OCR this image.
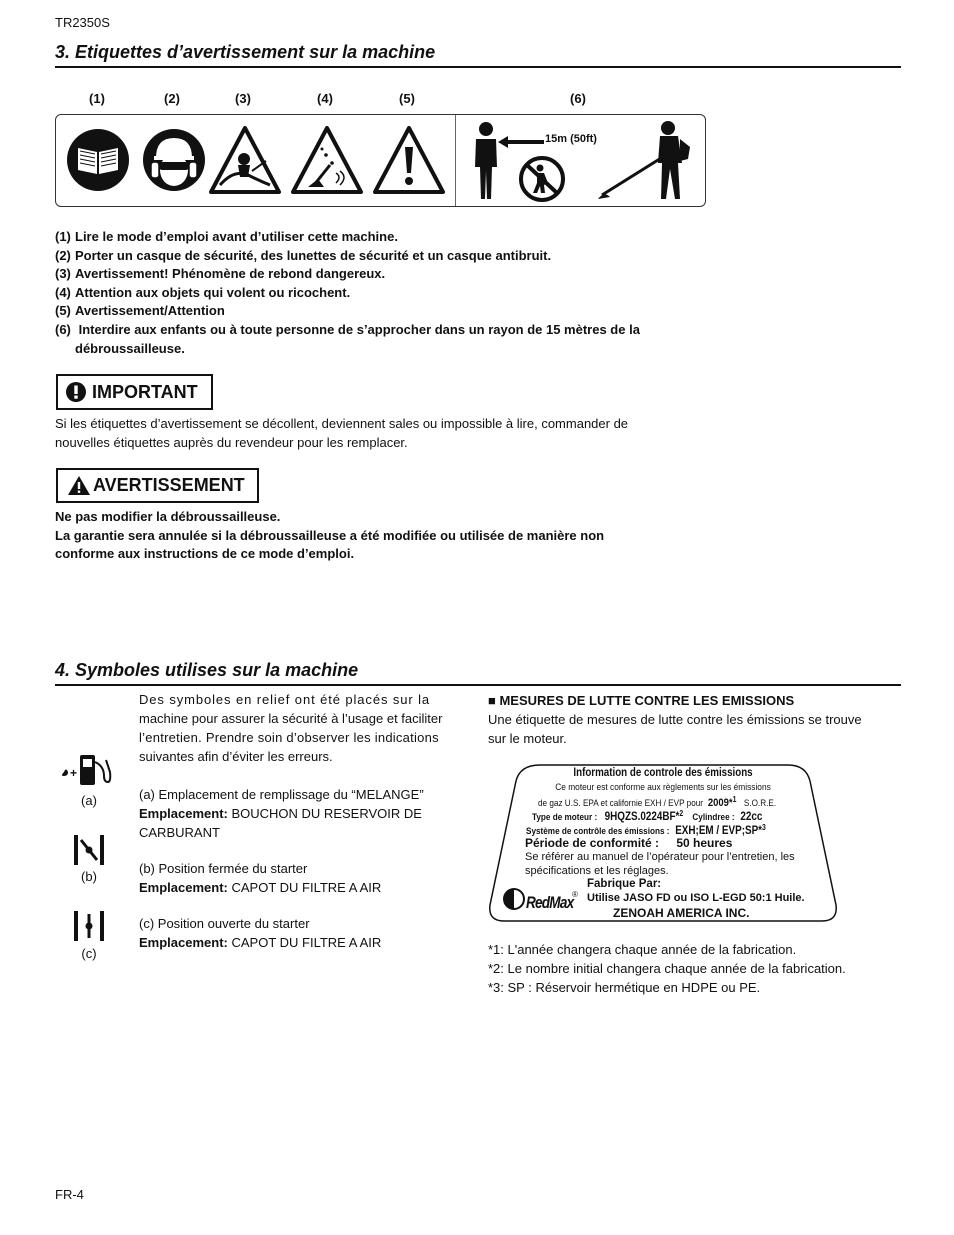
TR2350S
3. Etiquettes d’avertissement sur la machine
(1)	(2)	(3)	(4)	(5)	(6)
15m (50ft)
(1) Lire le mode d’emploi avant d’utiliser cette machine.
(2) Porter un casque de sécurité, des lunettes de sécurité et un casque antibruit.
(3) Avertissement! Phénomène de rebond dangereux.
(4) Attention aux objets qui volent ou ricochent.
(5) Avertissement/Attention
(6) Interdire aux enfants ou à toute personne de s’approcher dans un rayon de 15 mètres de la
débroussailleuse.
IMPORTANT
Si les étiquettes d’avertissement se décollent, deviennent sales ou impossible à lire, commander de
nouvelles étiquettes auprès du revendeur pour les remplacer.
AVERTISSEMENT
Ne pas modifier la débroussailleuse.
La garantie sera annulée si la débroussailleuse a été modifiée ou utilisée de manière non
conforme aux instructions de ce mode d’emploi.
4. Symboles utilises sur la machine
Des symboles en relief ont été placés sur la
machine pour assurer la sécurité à l’usage et faciliter
l’entretien. Prendre soin d’observer les indications
suivantes afin d’éviter les erreurs.
+
(a)
(b)
(c)
(a) Emplacement de remplissage du “MELANGE”
Emplacement: BOUCHON DU RESERVOIR DE
CARBURANT
(b) Position fermée du starter
Emplacement: CAPOT DU FILTRE A AIR
(c) Position ouverte du starter
Emplacement: CAPOT DU FILTRE A AIR
■ MESURES DE LUTTE CONTRE LES EMISSIONS
Une étiquette de mesures de lutte contre les émissions se trouve
sur le moteur.
Information de controle des émissions
Ce moteur est conforme aux règlements sur les émissions
de gaz U.S. EPA et californie EXH / EVP pour 2009*$^1$ S.O.R.E.
Type de moteur : 9HQZS.0224BF*$^2$ Cylindree : 22cc
Système de contrôle des émissions : EXH;EM / EVP;SP*$^3$
Période de conformité : 50 heures
Se référer au manuel de l’opérateur pour l’entretien, les
spécifications et les réglages.
Fabrique Par:
Utilise JASO FD ou ISO L-EGD 50:1 Huile.
ZENOAH AMERICA INC.
RedMax
®
*1: L'année changera chaque année de la fabrication.
*2: Le nombre initial changera chaque année de la fabrication.
*3: SP : Réservoir hermétique en HDPE ou PE.
FR-4
